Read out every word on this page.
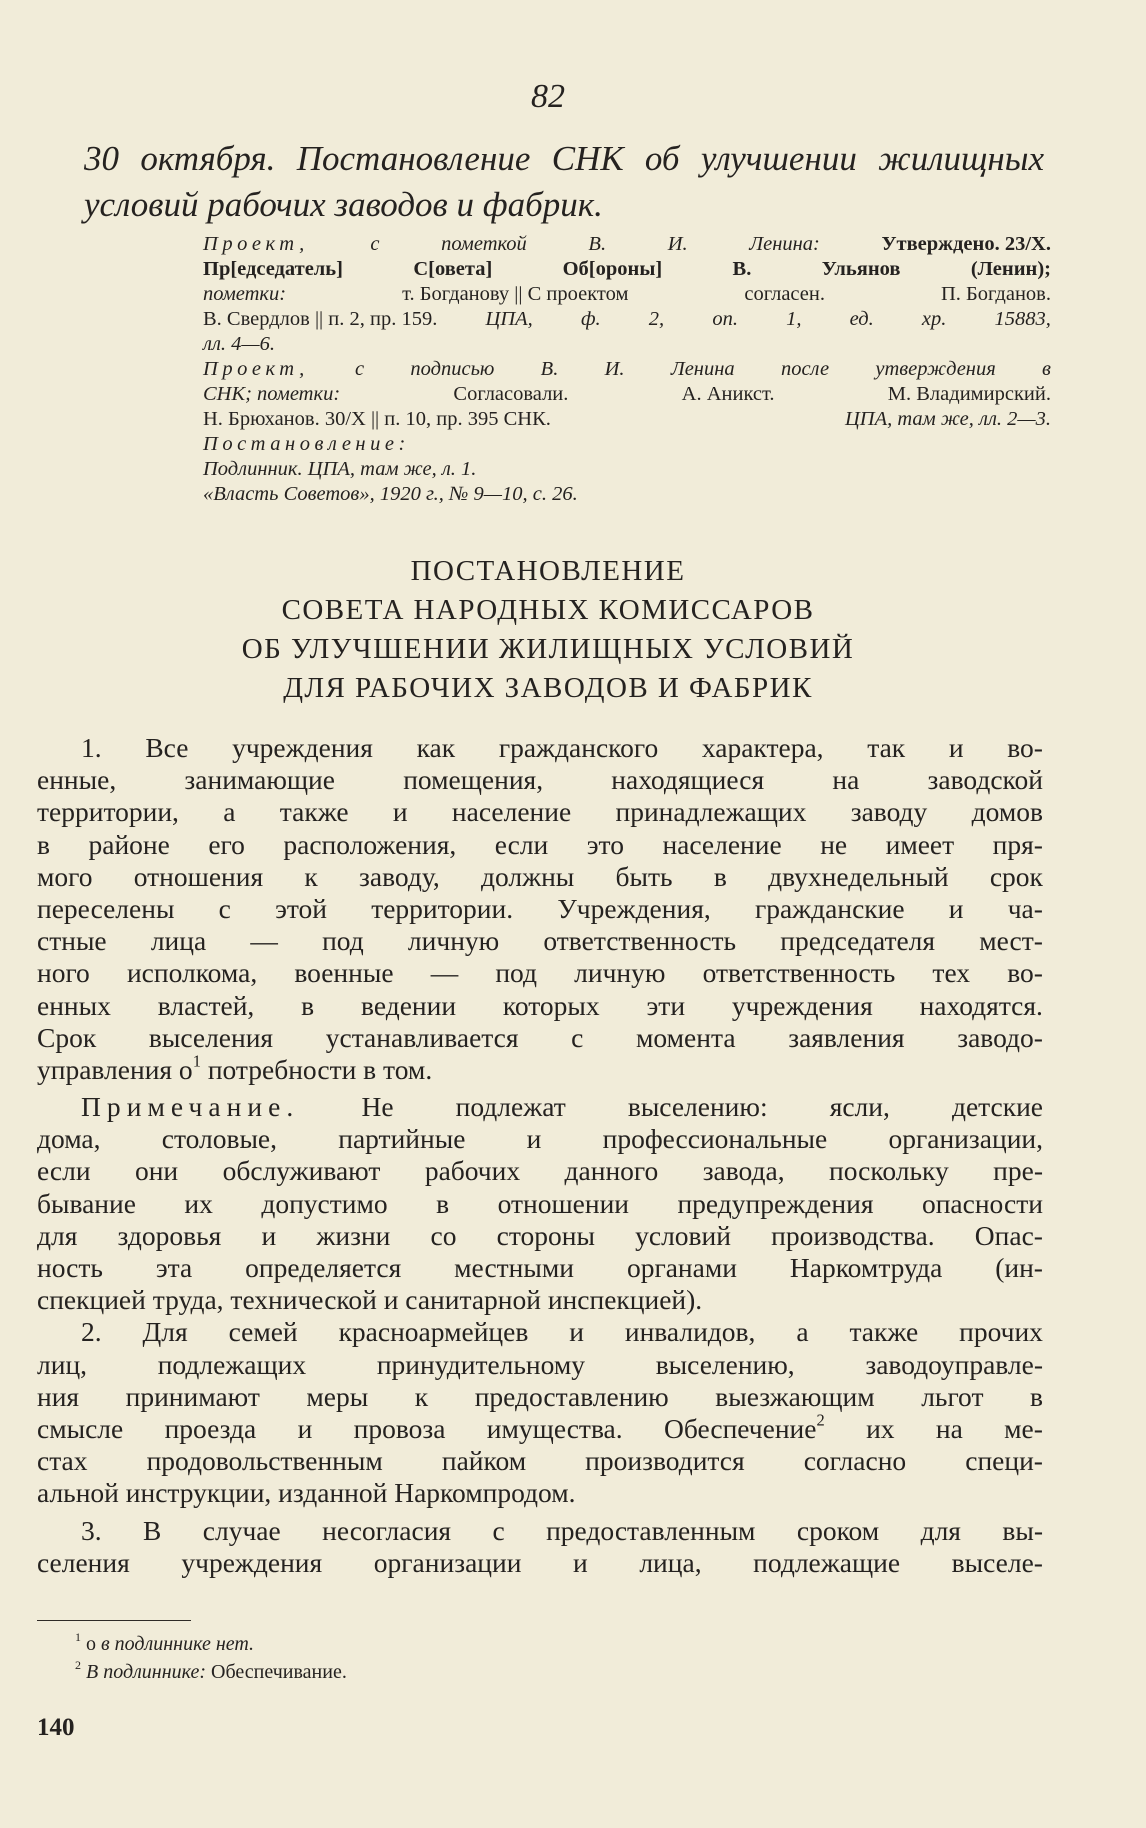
82
30 октября. Постановление СНК об улучшении жилищных условий рабочих заводов и фабрик.
Проект,	с	пометкой	В.	И.	Ленина:	Утверждено. 23/Х.
Пр[едседатель]	С[овета]	Об[ороны]	В.	Ульянов	(Ленин);
пометки:	т. Богданову || С проектом	согласен.	П. Богданов.
В. Свердлов || п. 2, пр. 159. ЦПА, ф. 2, оп. 1, ед. хр. 15883,
лл. 4—6.
Проект, с подписью В. И. Ленина после утверждения в
СНК; пометки:	Согласовали.	А. Аникст.	М. Владимирский.
Н. Брюханов. 30/Х || п. 10, пр. 395 СНК.	ЦПА, там же, лл. 2—3.
Постановление:
Подлинник. ЦПА, там же, л. 1.
«Власть Советов», 1920 г., № 9—10, с. 26.
ПОСТАНОВЛЕНИЕ
СОВЕТА НАРОДНЫХ КОМИССАРОВ
ОБ УЛУЧШЕНИИ ЖИЛИЩНЫХ УСЛОВИЙ
ДЛЯ РАБОЧИХ ЗАВОДОВ И ФАБРИК
1. Все учреждения как гражданского характера, так и во-
енные, занимающие помещения, находящиеся на заводской
территории, а также и население принадлежащих заводу домов
в районе его расположения, если это население не имеет пря-
мого отношения к заводу, должны быть в двухнедельный срок
переселены с этой территории. Учреждения, гражданские и ча-
стные лица — под личную ответственность председателя мест-
ного исполкома, военные — под личную ответственность тех во-
енных властей, в ведении которых эти учреждения находятся.
Срок выселения устанавливается с момента заявления заводо-
управления $о^1$ потребности в том.
Примечание. Не подлежат выселению: ясли, детские
дома, столовые, партийные и профессиональные организации,
если они обслуживают рабочих данного завода, поскольку пре-
бывание их допустимо в отношении предупреждения опасности
для здоровья и жизни со стороны условий производства. Опас-
ность эта определяется местными органами Наркомтруда (ин-
спекцией труда, технической и санитарной инспекцией).
2. Для семей красноармейцев и инвалидов, а также прочих
лиц,	подлежащих	принудительному	выселению,	заводоуправле-
ния принимают меры к предоставлению выезжающим льгот в
смысле проезда и провоза имущества. Обеспечение$^2$ их на ме-
стах продовольственным пайком производится согласно специ-
альной инструкции, изданной Наркомпродом.
3. В случае несогласия с предоставленным сроком для вы-
селения учреждения организации и лица, подлежащие выселе-
$^1$ о в подлиннике нет.
$^2$ В подлиннике: Обеспечивание.
140
